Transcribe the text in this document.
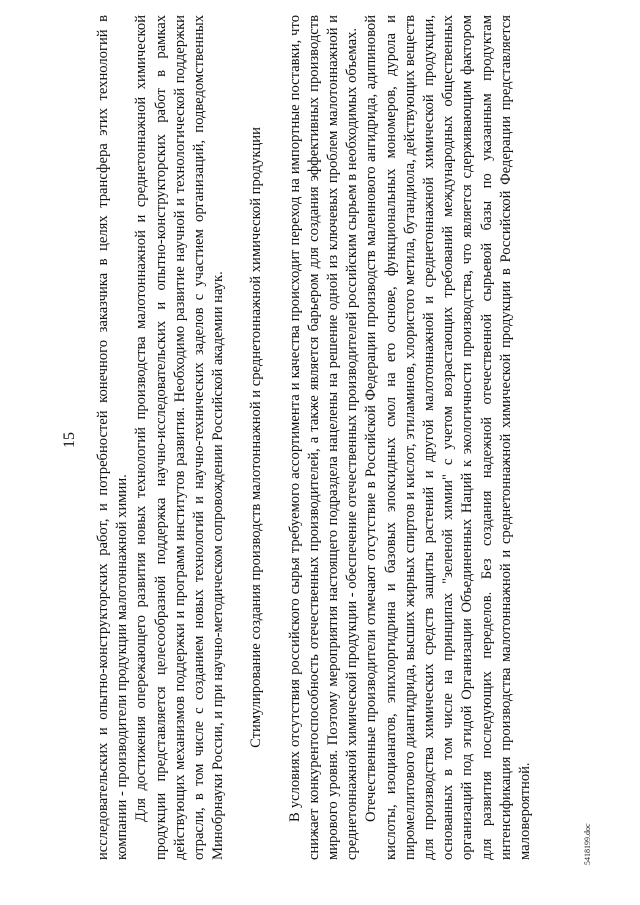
15 исследовательских и опытно-конструкторских работ, и потребностей конечного заказчика в целях трансфера этих технологий в компании - производители продукции малотоннажной химии. Для достижения опережающего развития новых технологий производства малотоннажной и среднетоннажной химической продукции представляется целесообразной поддержка научно-исследовательских и опытно-конструкторских работ в рамках действующих механизмов поддержки и программ институтов развития. Необходимо развитие научной и технологической поддержки отрасли, в том числе с созданием новых технологий и научно-технических заделов с участием организаций, подведомственных Минобрнауки России, и при научно-методическом сопровождении Российской академии наук. Стимулирование создания производств малотоннажной и среднетоннажной химической продукции В условиях отсутствия российского сырья требуемого ассортимента и качества происходит переход на импортные поставки, что снижает конкурентоспособность отечественных производителей, а также является барьером для создания эффективных производств мирового уровня. Поэтому мероприятия настоящего подраздела нацелены на решение одной из ключевых проблем малотоннажной и среднетоннажной химической продукции - обеспечение отечественных производителей российским сырьем в необходимых объемах. Отечественные производители отмечают отсутствие в Российской Федерации производств малеинового ангидрида, адипиновой кислоты, изоцианатов, эпихлоргидрина и базовых эпоксидных смол на его основе, функциональных мономеров, дурола и пиромеллитового диангидрида, высших жирных спиртов и кислот, этиламинов, хлористого метила, бутандиола, действующих веществ для производства химических средств защиты растений и другой малотоннажной и среднетоннажной химической продукции, основанных в том числе на принципах "зеленой химии" с учетом возрастающих требований международных общественных организаций под эгидой Организации Объединенных Наций к экологичности производства, что является сдерживающим фактором для развития последующих переделов. Без создания надежной отечественной сырьевой базы по указанным продуктам интенсификация производства малотоннажной и среднетоннажной химической продукции в Российской Федерации представляется маловероятной.	5418199.doc
